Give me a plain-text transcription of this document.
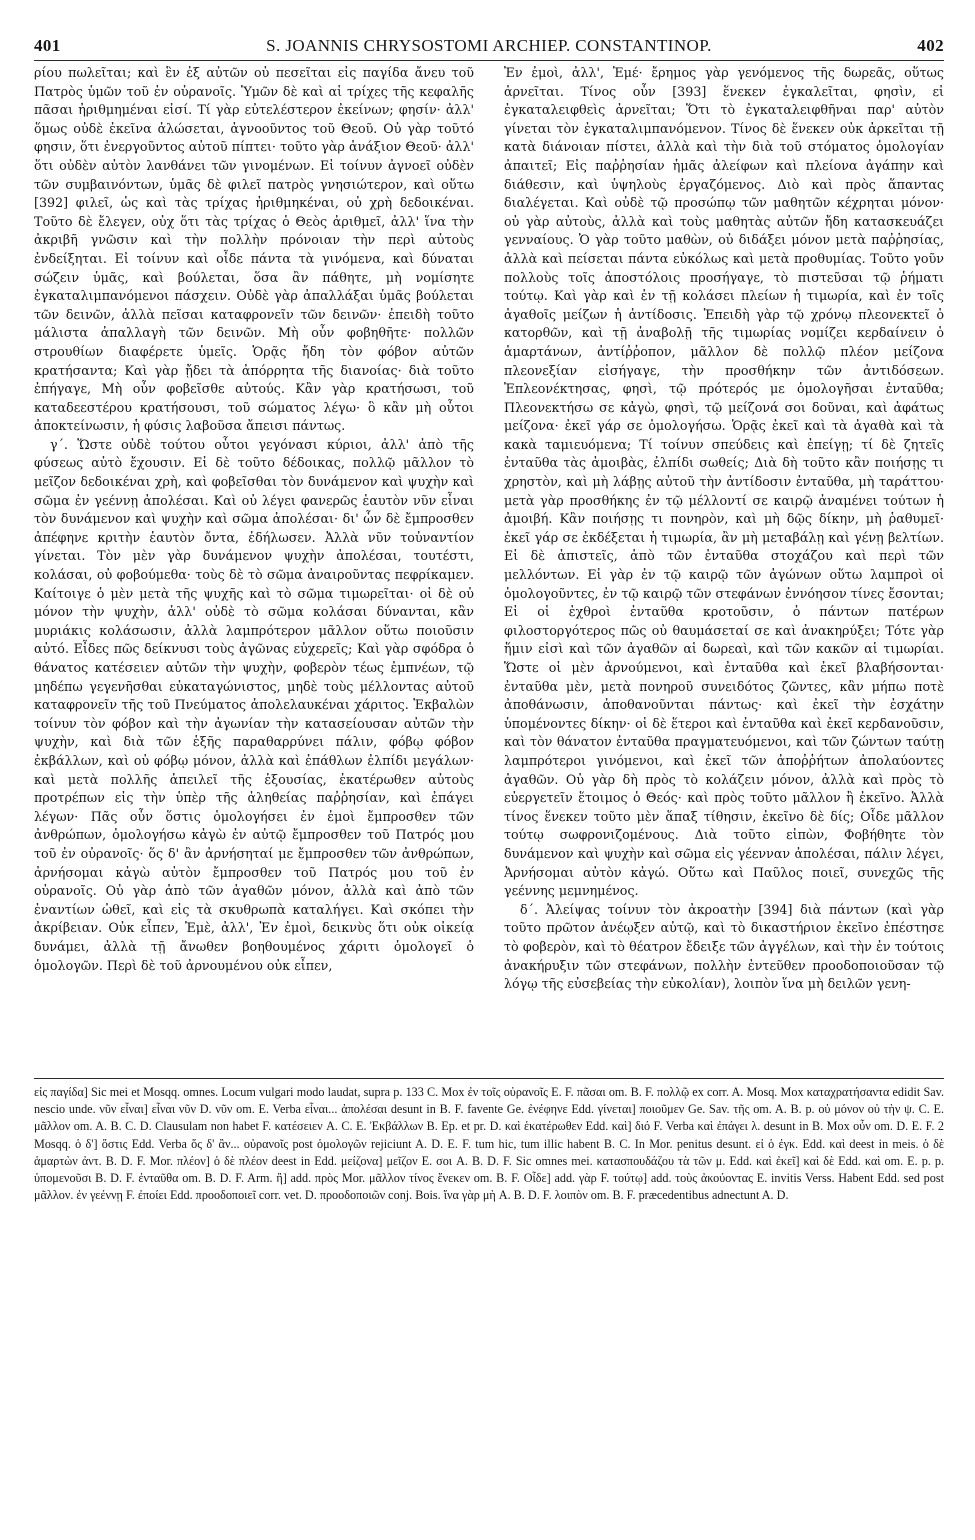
401	S. JOANNIS CHRYSOSTOMI ARCHIEP. CONSTANTINOP.	402

ρίου πωλεῖται; καὶ ἓν ἐξ αὐτῶν οὐ πεσεῖται εἰς παγίδα ἄνευ τοῦ Πατρὸς ὑμῶν τοῦ ἐν οὐρανοῖς. Ὑμῶν δὲ καὶ αἱ τρίχες τῆς κεφαλῆς πᾶσαι ἠριθμημέναι εἰσί. Τί γὰρ εὐτελέστερον ἐκείνων; φησίν· ἀλλ' ὅμως οὐδὲ ἐκεῖνα ἁλώσεται, ἀγνοοῦντος τοῦ Θεοῦ. Οὐ γὰρ τοῦτό φησιν, ὅτι ἐνεργοῦντος αὐτοῦ πίπτει· τοῦτο γὰρ ἀνάξιον Θεοῦ· ἀλλ' ὅτι οὐδὲν αὐτὸν λανθάνει τῶν γινομένων. Εἰ τοίνυν ἀγνοεῖ οὐδὲν τῶν συμβαινόντων, ὑμᾶς δὲ φιλεῖ πατρὸς γνησιώτερον, καὶ οὕτω [392] φιλεῖ, ὡς καὶ τὰς τρίχας ἠριθμηκέναι, οὐ χρὴ δεδοικέναι. Τοῦτο δὲ ἔλεγεν, οὐχ ὅτι τὰς τρίχας ὁ Θεὸς ἀριθμεῖ, ἀλλ' ἵνα τὴν ἀκριβῆ γνῶσιν καὶ τὴν πολλὴν πρόνοιαν τὴν περὶ αὐτοὺς ἐνδείξηται. Εἰ τοίνυν καὶ οἶδε πάντα τὰ γινόμενα, καὶ δύναται σώζειν ὑμᾶς, καὶ βούλεται, ὅσα ἂν πάθητε, μὴ νομίσητε ἐγκαταλιμπανόμενοι πάσχειν. Οὐδὲ γὰρ ἀπαλλάξαι ὑμᾶς βούλεται τῶν δεινῶν, ἀλλὰ πεῖσαι καταφρονεῖν τῶν δεινῶν· ἐπειδὴ τοῦτο μάλιστα ἀπαλλαγὴ τῶν δεινῶν. Μὴ οὖν φοβηθῆτε· πολλῶν στρουθίων διαφέρετε ὑμεῖς. Ὁρᾷς ἤδη τὸν φόβον αὐτῶν κρατήσαντα; Καὶ γὰρ ᾔδει τὰ ἀπόρρητα τῆς διανοίας· διὰ τοῦτο ἐπήγαγε, Μὴ οὖν φοβεῖσθε αὐτούς. Κἂν γὰρ κρατήσωσι, τοῦ καταδεεστέρου κρατήσουσι, τοῦ σώματος λέγω· ὃ κἂν μὴ οὗτοι ἀποκτείνωσιν, ἡ φύσις λαβοῦσα ἄπεισι πάντως.

γ΄. Ὥστε οὐδὲ τούτου οὗτοι γεγόνασι κύριοι, ἀλλ' ἀπὸ τῆς φύσεως αὐτὸ ἔχουσιν. Εἰ δὲ τοῦτο δέδοικας, πολλῷ μᾶλλον τὸ μεῖζον δεδοικέναι χρὴ, καὶ φοβεῖσθαι τὸν δυνάμενον καὶ ψυχὴν καὶ σῶμα ἐν γεέννῃ ἀπολέσαι. Καὶ οὐ λέγει φανερῶς ἑαυτὸν νῦν εἶναι τὸν δυνάμενον καὶ ψυχὴν καὶ σῶμα ἀπολέσαι· δι' ὧν δὲ ἔμπροσθεν ἀπέφηνε κριτὴν ἑαυτὸν ὄντα, ἐδήλωσεν. Ἀλλὰ νῦν τοὐναντίον γίνεται. Τὸν μὲν γὰρ δυνάμενον ψυχὴν ἀπολέσαι, τουτέστι, κολάσαι, οὐ φοβούμεθα· τοὺς δὲ τὸ σῶμα ἀναιροῦντας πεφρίκαμεν. Καίτοιγε ὁ μὲν μετὰ τῆς ψυχῆς καὶ τὸ σῶμα τιμωρεῖται· οἱ δὲ οὐ μόνον τὴν ψυχὴν, ἀλλ' οὐδὲ τὸ σῶμα κολάσαι δύνανται, κἂν μυριάκις κολάσωσιν, ἀλλὰ λαμπρότερον μᾶλλον οὕτω ποιοῦσιν αὐτό. Εἶδες πῶς δείκνυσι τοὺς ἀγῶνας εὐχερεῖς; Καὶ γὰρ σφόδρα ὁ θάνατος κατέσειεν αὐτῶν τὴν ψυχὴν, φοβερὸν τέως ἐμπνέων, τῷ μηδέπω γεγενῆσθαι εὐκαταγώνιστος, μηδὲ τοὺς μέλλοντας αὐτοῦ καταφρονεῖν τῆς τοῦ Πνεύματος ἀπολελαυκέναι χάριτος. Ἐκβαλὼν τοίνυν τὸν φόβον καὶ τὴν ἀγωνίαν τὴν κατασείουσαν αὐτῶν τὴν ψυχὴν, καὶ διὰ τῶν ἑξῆς παραθαρρύνει πάλιν, φόβῳ φόβον ἐκβάλλων, καὶ οὐ φόβῳ μόνον, ἀλλὰ καὶ ἐπάθλων ἐλπίδι μεγάλων· καὶ μετὰ πολλῆς ἀπειλεῖ τῆς ἐξουσίας, ἑκατέρωθεν αὐτοὺς προτρέπων εἰς τὴν ὑπὲρ τῆς ἀληθείας παῤῥησίαν, καὶ ἐπάγει λέγων· Πᾶς οὖν ὅστις ὁμολογήσει ἐν ἐμοὶ ἔμπροσθεν τῶν ἀνθρώπων, ὁμολογήσω κἀγὼ ἐν αὐτῷ ἔμπροσθεν τοῦ Πατρός μου τοῦ ἐν οὐρανοῖς· ὅς δ' ἂν ἀρνήσηταί με ἔμπροσθεν τῶν ἀνθρώπων, ἀρνήσομαι κἀγὼ αὐτὸν ἔμπροσθεν τοῦ Πατρός μου τοῦ ἐν οὐρανοῖς. Οὐ γὰρ ἀπὸ τῶν ἀγαθῶν μόνον, ἀλλὰ καὶ ἀπὸ τῶν ἐναντίων ὠθεῖ, καὶ εἰς τὰ σκυθρωπὰ καταλήγει. Καὶ σκόπει τὴν ἀκρίβειαν. Οὐκ εἶπεν, Ἐμὲ, ἀλλ', Ἐν ἐμοὶ, δεικνὺς ὅτι οὐκ οἰκείᾳ δυνάμει, ἀλλὰ τῇ ἄνωθεν βοηθουμένος χάριτι ὁμολογεῖ ὁ ὁμολογῶν. Περὶ δὲ τοῦ ἀρνουμένου οὐκ εἶπεν,

Ἐν ἐμοὶ, ἀλλ', Ἐμέ· ἔρημος γὰρ γενόμενος τῆς δωρεᾶς, οὕτως ἀρνεῖται. Τίνος οὖν [393] ἕνεκεν ἐγκαλεῖται, φησὶν, εἰ ἐγκαταλειφθεὶς ἀρνεῖται; Ὅτι τὸ ἐγκαταλειφθῆναι παρ' αὐτὸν γίνεται τὸν ἐγκαταλιμπανόμενον. Τίνος δὲ ἕνεκεν οὐκ ἀρκεῖται τῇ κατὰ διάνοιαν πίστει, ἀλλὰ καὶ τὴν διὰ τοῦ στόματος ὁμολογίαν ἀπαιτεῖ; Εἰς παῤῥησίαν ἡμᾶς ἀλείφων καὶ πλείονα ἀγάπην καὶ διάθεσιν, καὶ ὑψηλοὺς ἐργαζόμενος. Διὸ καὶ πρὸς ἅπαντας διαλέγεται. Καὶ οὐδὲ τῷ προσώπῳ τῶν μαθητῶν κέχρηται μόνον· οὐ γὰρ αὐτοὺς, ἀλλὰ καὶ τοὺς μαθητὰς αὐτῶν ἤδη κατασκευάζει γενναίους. Ὁ γὰρ τοῦτο μαθὼν, οὐ διδάξει μόνον μετὰ παῤῥησίας, ἀλλὰ καὶ πείσεται πάντα εὐκόλως καὶ μετὰ προθυμίας. Τοῦτο γοῦν πολλοὺς τοῖς ἀποστόλοις προσήγαγε, τὸ πιστεῦσαι τῷ ῥήματι τούτῳ. Καὶ γὰρ καὶ ἐν τῇ κολάσει πλείων ἡ τιμωρία, καὶ ἐν τοῖς ἀγαθοῖς μείζων ἡ ἀντίδοσις. Ἐπειδὴ γὰρ τῷ χρόνῳ πλεονεκτεῖ ὁ κατορθῶν, καὶ τῇ ἀναβολῇ τῆς τιμωρίας νομίζει κερδαίνειν ὁ ἁμαρτάνων, ἀντίῤῥοπον, μᾶλλον δὲ πολλῷ πλέον μείζονα πλεονεξίαν εἰσήγαγε, τὴν προσθήκην τῶν ἀντιδόσεων. Ἐπλεονέκτησας, φησὶ, τῷ πρότερός με ὁμολογῆσαι ἐνταῦθα; Πλεονεκτήσω σε κἀγὼ, φησὶ, τῷ μείζονά σοι δοῦναι, καὶ ἀφάτως μείζονα· ἐκεῖ γάρ σε ὁμολογήσω. Ὁρᾷς ἐκεῖ καὶ τὰ ἀγαθὰ καὶ τὰ κακὰ ταμιευόμενα; Τί τοίνυν σπεύδεις καὶ ἐπείγῃ; τί δὲ ζητεῖς ἐνταῦθα τὰς ἀμοιβὰς, ἐλπίδι σωθείς; Διὰ δὴ τοῦτο κἂν ποιήσῃς τι χρηστὸν, καὶ μὴ λάβῃς αὐτοῦ τὴν ἀντίδοσιν ἐνταῦθα, μὴ ταράττου· μετὰ γὰρ προσθήκης ἐν τῷ μέλλοντί σε καιρῷ ἀναμένει τούτων ἡ ἀμοιβή. Κἂν ποιήσῃς τι πονηρὸν, καὶ μὴ δῷς δίκην, μὴ ῥαθυμεῖ· ἐκεῖ γάρ σε ἐκδέξεται ἡ τιμωρία, ἂν μὴ μεταβάλῃ καὶ γένῃ βελτίων. Εἰ δὲ ἀπιστεῖς, ἀπὸ τῶν ἐνταῦθα στοχάζου καὶ περὶ τῶν μελλόντων. Εἰ γὰρ ἐν τῷ καιρῷ τῶν ἀγώνων οὕτω λαμπροὶ οἱ ὁμολογοῦντες, ἐν τῷ καιρῷ τῶν στεφάνων ἐννόησον τίνες ἔσονται; Εἰ οἱ ἐχθροὶ ἐνταῦθα κροτοῦσιν, ὁ πάντων πατέρων φιλοστοργότερος πῶς οὐ θαυμάσεταί σε καὶ ἀνακηρύξει; Τότε γὰρ ἥμιν εἰσὶ καὶ τῶν ἀγαθῶν αἱ δωρεαὶ, καὶ τῶν κακῶν αἱ τιμωρίαι. Ὥστε οἱ μὲν ἀρνούμενοι, καὶ ἐνταῦθα καὶ ἐκεῖ βλαβήσονται· ἐνταῦθα μὲν, μετὰ πονηροῦ συνειδότος ζῶντες, κἂν μήπω ποτὲ ἀποθάνωσιν, ἀποθανοῦνται πάντως· καὶ ἐκεῖ τὴν ἐσχάτην ὑπομένοντες δίκην· οἱ δὲ ἕτεροι καὶ ἐνταῦθα καὶ ἐκεῖ κερδανοῦσιν, καὶ τὸν θάνατον ἐνταῦθα πραγματευόμενοι, καὶ τῶν ζώντων ταύτῃ λαμπρότεροι γινόμενοι, καὶ ἐκεῖ τῶν ἀποῤῥήτων ἀπολαύοντες ἀγαθῶν. Οὐ γὰρ δὴ πρὸς τὸ κολάζειν μόνον, ἀλλὰ καὶ πρὸς τὸ εὐεργετεῖν ἕτοιμος ὁ Θεός· καὶ πρὸς τοῦτο μᾶλλον ἢ ἐκεῖνο. Ἀλλὰ τίνος ἕνεκεν τοῦτο μὲν ἅπαξ τίθησιν, ἐκεῖνο δὲ δίς; Οἶδε μᾶλλον τούτῳ σωφρονιζομένους. Διὰ τοῦτο εἰπὼν, Φοβήθητε τὸν δυνάμενον καὶ ψυχὴν καὶ σῶμα εἰς γέενναν ἀπολέσαι, πάλιν λέγει, Ἀρνήσομαι αὐτὸν κἀγώ. Οὕτω καὶ Παῦλος ποιεῖ, συνεχῶς τῆς γεέννης μεμνημένος.

δ΄. Ἀλείψας τοίνυν τὸν ἀκροατὴν [394] διὰ πάντων (καὶ γὰρ τοῦτο πρῶτον ἀνέῳξεν αὐτῷ, καὶ τὸ δικαστήριον ἐκεῖνο ἐπέστησε τὸ φοβερὸν, καὶ τὸ θέατρον ἔδειξε τῶν ἀγγέλων, καὶ τὴν ἐν τούτοις ἀνακήρυξιν τῶν στεφάνων, πολλὴν ἐντεῦθεν προοδοποιοῦσαν τῷ λόγῳ τῆς εὐσεβείας τὴν εὐκολίαν), λοιπὸν ἵνα μὴ δειλῶν γενη-

εἰς παγίδα] Sic mei et Mosqq. omnes. Locum vulgari modo laudat, supra p. 133 C. Mox ἐν τοῖς οὐρανοῖς E. F. πᾶσαι om. B. F. πολλῷ ex corr. A. Mosq. Mox καταχρατήσαντα edidit Sav. nescio unde. νῦν εἶναι] εἶναι νῦν D. νῦν om. E. Verba εἶναι... ἀπολέσαι desunt in B. F. favente Ge. ἐνέφηνε Edd. γίνεται] ποιοῦμεν Ge. Sav. τῆς om. A. B. p. οὐ μόνον οὐ τὴν ψ. C. E. μᾶλλον om. A. B. C. D. Clausulam non habet F. κατέσειεν A. C. E. Ἐκβάλλων B. Ep. et pr. D. καὶ ἑκατέρωθεν Edd. καὶ] διό F. Verba καὶ ἐπάγει λ. desunt in B. Mox οὖν om. D. E. F. 2 Mosqq. ὁ δ'] ὅστις Edd. Verba ὅς δ' ἂν... οὐρανοῖς post ὁμολογῶν rejiciunt A. D. E. F. tum hic, tum illic habent B. C. In Mor. penitus desunt. εἰ ὁ ἐγκ. Edd. καὶ deest in meis. ὁ δὲ ἁμαρτὼν ἀντ. B. D. F. Mor. πλέον] ὁ δὲ πλέον deest in Edd. μείζονα] μεῖζον E. σοι A. B. D. F. Sic omnes mei. κατασπουδάζου τὰ τῶν μ. Edd. καὶ ἐκεῖ] καὶ δὲ Edd. καὶ om. E. p. p. ὑπομενοῦσι B. D. F. ἐνταῦθα om. B. D. F. Arm. ἢ] add. πρὸς Mor. μᾶλλον τίνος ἕνεκεν om. B. F. Οἶδε] add. γὰρ F. τούτῳ] add. τοὺς ἀκούοντας E. invitis Verss. Habent Edd. sed post μᾶλλον. ἐν γεέννῃ F. ἐποίει Edd. προοδοποιεῖ corr. vet. D. προοδοποιῶν conj. Bois. ἵνα γὰρ μὴ A. B. D. F. λοιπὸν om. B. F. præcedentibus adnectunt A. D.
